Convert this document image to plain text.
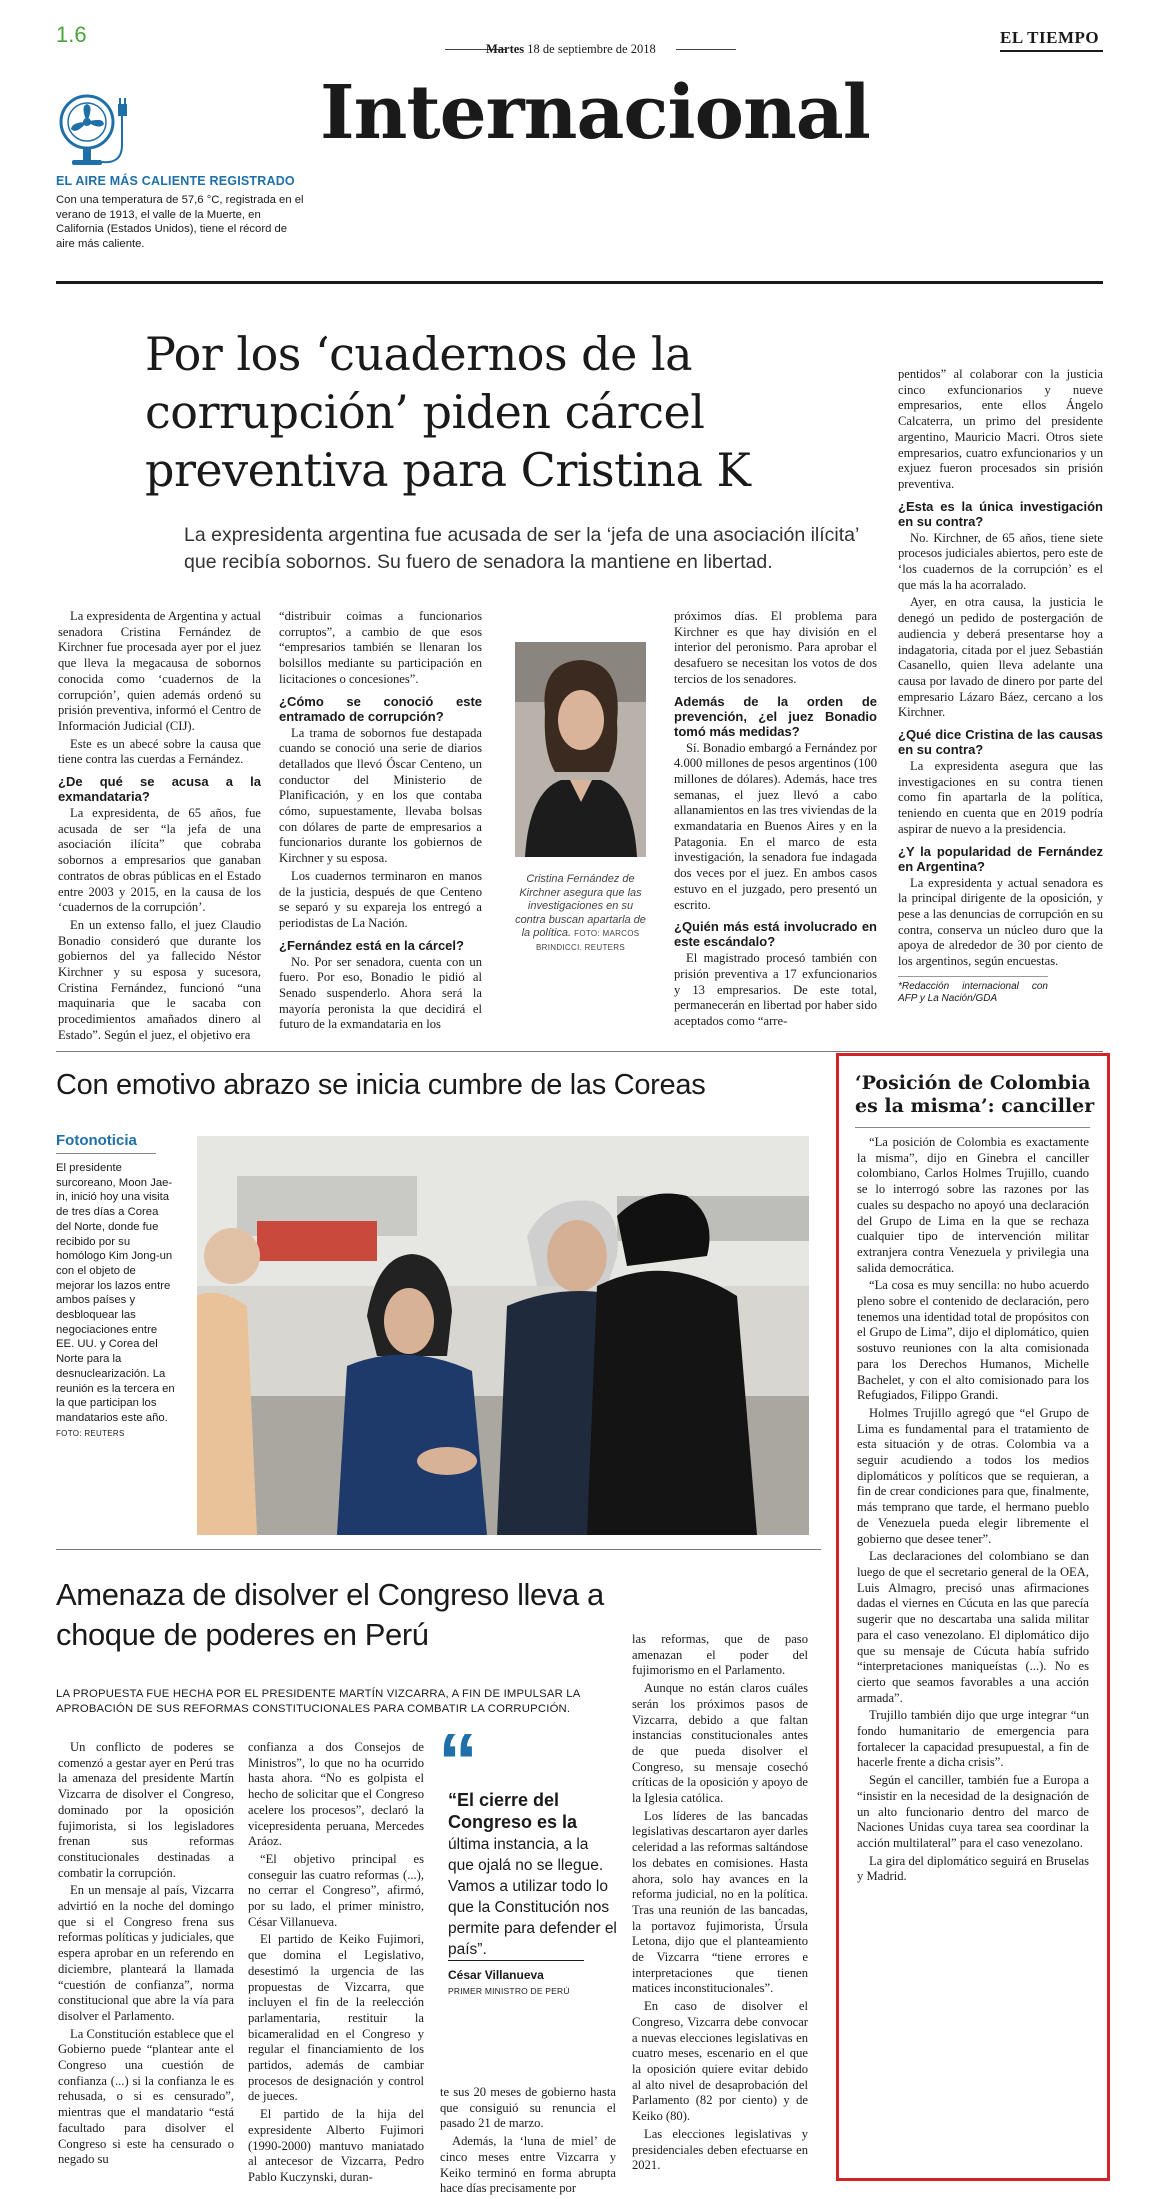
1.6
Martes 18 de septiembre de 2018
EL TIEMPO
Internacional
EL AIRE MÁS CALIENTE REGISTRADO
Con una temperatura de 57,6 °C, registrada en el verano de 1913, el valle de la Muerte, en California (Estados Unidos), tiene el récord de aire más caliente.
Por los ‘cuadernos de la corrupción’ piden cárcel preventiva para Cristina K
La expresidenta argentina fue acusada de ser la ‘jefa de una asociación ilícita’ que recibía sobornos. Su fuero de senadora la mantiene en libertad.

La expresidenta de Argentina y actual senadora Cristina Fernández de Kirchner fue procesada ayer por el juez que lleva la megacausa de sobornos conocida como ‘cuadernos de la corrupción’, quien además ordenó su prisión preventiva, informó el Centro de Información Judicial (CIJ).

Este es un abecé sobre la causa que tiene contra las cuerdas a Fernández.

¿De qué se acusa a la exmandataria?

La expresidenta, de 65 años, fue acusada de ser “la jefa de una asociación ilícita” que cobraba sobornos a empresarios que ganaban contratos de obras públicas en el Estado entre 2003 y 2015, en la causa de los ‘cuadernos de la corrupción’.

En un extenso fallo, el juez Claudio Bonadio consideró que durante los gobiernos del ya fallecido Néstor Kirchner y su esposa y sucesora, Cristina Fernández, funcionó “una maquinaria que le sacaba con procedimientos amañados dinero al Estado”. Según el juez, el objetivo era

“distribuir coimas a funcionarios corruptos”, a cambio de que esos “empresarios también se llenaran los bolsillos mediante su participación en licitaciones o concesiones”.

¿Cómo se conoció este entramado de corrupción?

La trama de sobornos fue destapada cuando se conoció una serie de diarios detallados que llevó Óscar Centeno, un conductor del Ministerio de Planificación, y en los que contaba cómo, supuestamente, llevaba bolsas con dólares de parte de empresarios a funcionarios durante los gobiernos de Kirchner y su esposa.

Los cuadernos terminaron en manos de la justicia, después de que Centeno se separó y su expareja los entregó a periodistas de La Nación.

¿Fernández está en la cárcel?

No. Por ser senadora, cuenta con un fuero. Por eso, Bonadio le pidió al Senado suspenderlo. Ahora será la mayoría peronista la que decidirá el futuro de la exmandataria en los

Cristina Fernández de Kirchner asegura que las investigaciones en su contra buscan apartarla de la política. FOTO: MARCOS BRINDICCI. REUTERS

próximos días. El problema para Kirchner es que hay división en el interior del peronismo. Para aprobar el desafuero se necesitan los votos de dos tercios de los senadores.

Además de la orden de prevención, ¿el juez Bonadio tomó más medidas?

Sí. Bonadio embargó a Fernández por 4.000 millones de pesos argentinos (100 millones de dólares). Además, hace tres semanas, el juez llevó a cabo allanamientos en las tres viviendas de la exmandataria en Buenos Aires y en la Patagonia. En el marco de esta investigación, la senadora fue indagada dos veces por el juez. En ambos casos estuvo en el juzgado, pero presentó un escrito.

¿Quién más está involucrado en este escándalo?

El magistrado procesó también con prisión preventiva a 17 exfuncionarios y 13 empresarios. De este total, permanecerán en libertad por haber sido aceptados como “arre-

pentidos” al colaborar con la justicia cinco exfuncionarios y nueve empresarios, ente ellos Ángelo Calcaterra, un primo del presidente argentino, Mauricio Macri. Otros siete empresarios, cuatro exfuncionarios y un exjuez fueron procesados sin prisión preventiva.

¿Esta es la única investigación en su contra?

No. Kirchner, de 65 años, tiene siete procesos judiciales abiertos, pero este de ‘los cuadernos de la corrupción’ es el que más la ha acorralado.

Ayer, en otra causa, la justicia le denegó un pedido de postergación de audiencia y deberá presentarse hoy a indagatoria, citada por el juez Sebastián Casanello, quien lleva adelante una causa por lavado de dinero por parte del empresario Lázaro Báez, cercano a los Kirchner.

¿Qué dice Cristina de las causas en su contra?

La expresidenta asegura que las investigaciones en su contra tienen como fin apartarla de la política, teniendo en cuenta que en 2019 podría aspirar de nuevo a la presidencia.

¿Y la popularidad de Fernández en Argentina?

La expresidenta y actual senadora es la principal dirigente de la oposición, y pese a las denuncias de corrupción en su contra, conserva un núcleo duro que la apoya de alrededor de 30 por ciento de los argentinos, según encuestas.

*Redacción internacional con AFP y La Nación/GDA
Con emotivo abrazo se inicia cumbre de las Coreas
Fotonoticia
El presidente surcoreano, Moon Jae-in, inició hoy una visita de tres días a Corea del Norte, donde fue recibido por su homólogo Kim Jong-un con el objeto de mejorar los lazos entre ambos países y desbloquear las negociaciones entre EE. UU. y Corea del Norte para la desnuclearización. La reunión es la tercera en la que participan los mandatarios este año. FOTO: REUTERS
‘Posición de Colombia es la misma’: canciller

“La posición de Colombia es exactamente la misma”, dijo en Ginebra el canciller colombiano, Carlos Holmes Trujillo, cuando se lo interrogó sobre las razones por las cuales su despacho no apoyó una declaración del Grupo de Lima en la que se rechaza cualquier tipo de intervención militar extranjera contra Venezuela y privilegia una salida democrática.

“La cosa es muy sencilla: no hubo acuerdo pleno sobre el contenido de declaración, pero tenemos una identidad total de propósitos con el Grupo de Lima”, dijo el diplomático, quien sostuvo reuniones con la alta comisionada para los Derechos Humanos, Michelle Bachelet, y con el alto comisionado para los Refugiados, Filippo Grandi.

Holmes Trujillo agregó que “el Grupo de Lima es fundamental para el tratamiento de esta situación y de otras. Colombia va a seguir acudiendo a todos los medios diplomáticos y políticos que se requieran, a fin de crear condiciones para que, finalmente, más temprano que tarde, el hermano pueblo de Venezuela pueda elegir libremente el gobierno que desee tener”.

Las declaraciones del colombiano se dan luego de que el secretario general de la OEA, Luis Almagro, precisó unas afirmaciones dadas el viernes en Cúcuta en las que parecía sugerir que no descartaba una salida militar para el caso venezolano. El diplomático dijo que su mensaje de Cúcuta había sufrido “interpretaciones maniqueístas (...). No es cierto que seamos favorables a una acción armada”.

Trujillo también dijo que urge integrar “un fondo humanitario de emergencia para fortalecer la capacidad presupuestal, a fin de hacerle frente a dicha crisis”.

Según el canciller, también fue a Europa a “insistir en la necesidad de la designación de un alto funcionario dentro del marco de Naciones Unidas cuya tarea sea coordinar la acción multilateral” para el caso venezolano.

La gira del diplomático seguirá en Bruselas y Madrid.

Amenaza de disolver el Congreso lleva a choque de poderes en Perú
LA PROPUESTA FUE HECHA POR EL PRESIDENTE MARTÍN VIZCARRA, A FIN DE IMPULSAR LA APROBACIÓN DE SUS REFORMAS CONSTITUCIONALES PARA COMBATIR LA CORRUPCIÓN.

Un conflicto de poderes se comenzó a gestar ayer en Perú tras la amenaza del presidente Martín Vizcarra de disolver el Congreso, dominado por la oposición fujimorista, si los legisladores frenan sus reformas constitucionales destinadas a combatir la corrupción.

En un mensaje al país, Vizcarra advirtió en la noche del domingo que si el Congreso frena sus reformas políticas y judiciales, que espera aprobar en un referendo en diciembre, planteará la llamada “cuestión de confianza”, norma constitucional que abre la vía para disolver el Parlamento.

La Constitución establece que el Gobierno puede “plantear ante el Congreso una cuestión de confianza (...) si la confianza le es rehusada, o si es censurado”, mientras que el mandatario “está facultado para disolver el Congreso si este ha censurado o negado su

confianza a dos Consejos de Ministros”, lo que no ha ocurrido hasta ahora. “No es golpista el hecho de solicitar que el Congreso acelere los procesos”, declaró la vicepresidenta peruana, Mercedes Aráoz.

“El objetivo principal es conseguir las cuatro reformas (...), no cerrar el Congreso”, afirmó, por su lado, el primer ministro, César Villanueva.

El partido de Keiko Fujimori, que domina el Legislativo, desestimó la urgencia de las propuestas de Vizcarra, que incluyen el fin de la reelección parlamentaria, restituir la bicameralidad en el Congreso y regular el financiamiento de los partidos, además de cambiar procesos de designación y control de jueces.

El partido de la hija del expresidente Alberto Fujimori (1990-2000) mantuvo maniatado al antecesor de Vizcarra, Pedro Pablo Kuczynski, duran-

“
“El cierre del Congreso es la última instancia, a la que ojalá no se llegue. Vamos a utilizar todo lo que la Constitución nos permite para defender el país”.
César Villanueva
PRIMER MINISTRO DE PERÚ

te sus 20 meses de gobierno hasta que consiguió su renuncia el pasado 21 de marzo.

Además, la ‘luna de miel’ de cinco meses entre Vizcarra y Keiko terminó en forma abrupta hace días precisamente por

las reformas, que de paso amenazan el poder del fujimorismo en el Parlamento.

Aunque no están claros cuáles serán los próximos pasos de Vizcarra, debido a que faltan instancias constitucionales antes de que pueda disolver el Congreso, su mensaje cosechó críticas de la oposición y apoyo de la Iglesia católica.

Los líderes de las bancadas legislativas descartaron ayer darles celeridad a las reformas saltándose los debates en comisiones. Hasta ahora, solo hay avances en la reforma judicial, no en la política. Tras una reunión de las bancadas, la portavoz fujimorista, Úrsula Letona, dijo que el planteamiento de Vizcarra “tiene errores e interpretaciones que tienen matices inconstitucionales”.

En caso de disolver el Congreso, Vizcarra debe convocar a nuevas elecciones legislativas en cuatro meses, escenario en el que la oposición quiere evitar debido al alto nivel de desaprobación del Parlamento (82 por ciento) y de Keiko (80).

Las elecciones legislativas y presidenciales deben efectuarse en 2021.
